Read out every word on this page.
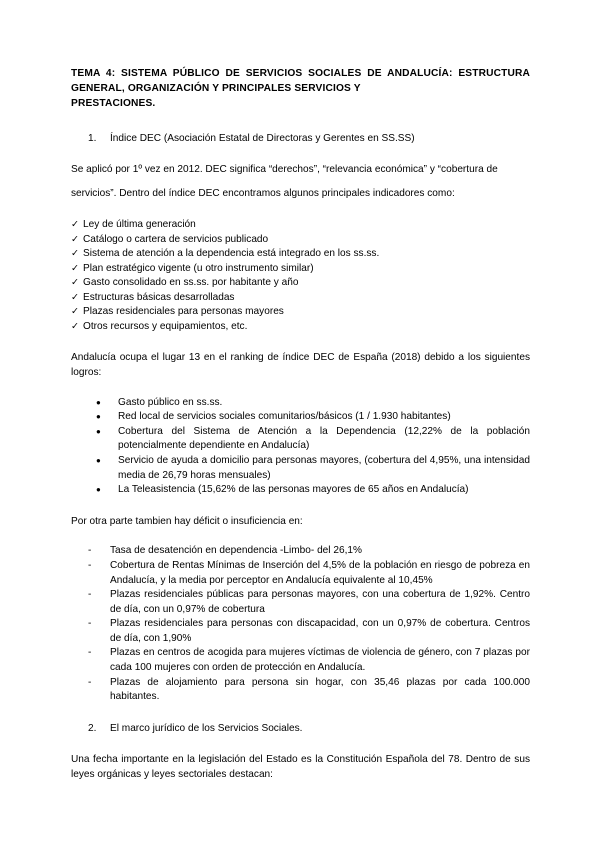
TEMA 4: SISTEMA PÚBLICO DE SERVICIOS SOCIALES DE ANDALUCÍA: ESTRUCTURA GENERAL, ORGANIZACIÓN Y PRINCIPALES SERVICIOS Y
PRESTACIONES.
1.	Índice DEC (Asociación Estatal de Directoras y Gerentes en SS.SS)

Se aplicó por 1º vez en 2012. DEC significa “derechos”, “relevancia económica” y “cobertura de

servicios”. Dentro del índice DEC encontramos algunos principales indicadores como:

✓ Ley de última generación
✓ Catálogo o cartera de servicios publicado
✓ Sistema de atención a la dependencia está integrado en los ss.ss.
✓ Plan estratégico vigente (u otro instrumento similar)
✓ Gasto consolidado en ss.ss. por habitante y año
✓ Estructuras básicas desarrolladas
✓ Plazas residenciales para personas mayores
✓ Otros recursos y equipamientos, etc.

Andalucía ocupa el lugar 13 en el ranking de índice DEC de España (2018) debido a los siguientes logros:

●	Gasto público en ss.ss.
●	Red local de servicios sociales comunitarios/básicos (1 / 1.930 habitantes)
●	Cobertura del Sistema de Atención a la Dependencia (12,22% de la población potencialmente dependiente en Andalucía)
●	Servicio de ayuda a domicilio para personas mayores, (cobertura del 4,95%, una intensidad media de 26,79 horas mensuales)
●	La Teleasistencia (15,62% de las personas mayores de 65 años en Andalucía)

Por otra parte tambien hay déficit o insuficiencia en:

-	Tasa de desatención en dependencia -Limbo- del 26,1%
-	Cobertura de Rentas Mínimas de Inserción del 4,5% de la población en riesgo de pobreza en Andalucía, y la media por perceptor en Andalucía equivalente al 10,45%
-	Plazas residenciales públicas para personas mayores, con una cobertura de 1,92%. Centro de día, con un 0,97% de cobertura
-	Plazas residenciales para personas con discapacidad, con un 0,97% de cobertura. Centros de día, con 1,90%
-	Plazas en centros de acogida para mujeres víctimas de violencia de género, con 7 plazas por cada 100 mujeres con orden de protección en Andalucía.
-	Plazas de alojamiento para persona sin hogar, con 35,46 plazas por cada 100.000 habitantes.
2.	El marco jurídico de los Servicios Sociales.

Una fecha importante en la legislación del Estado es la Constitución Española del 78. Dentro de sus leyes orgánicas y leyes sectoriales destacan:
